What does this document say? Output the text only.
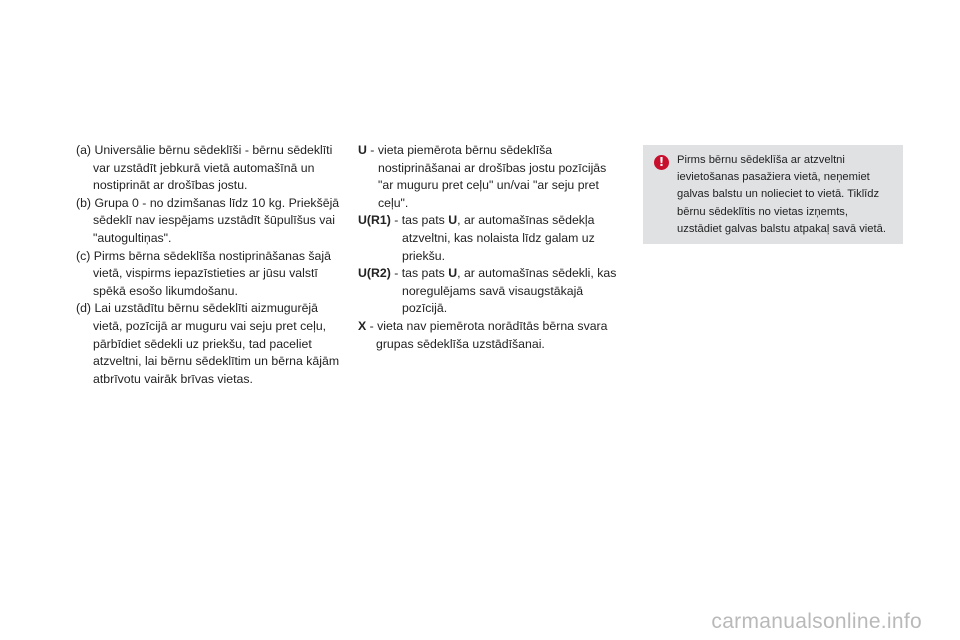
(a) Universālie bērnu sēdeklīši - bērnu sēdeklīti var uzstādīt jebkurā vietā automašīnā un nostiprināt ar drošības jostu.

(b) Grupa 0 - no dzimšanas līdz 10 kg. Priekšējā sēdeklī nav iespējams uzstādīt šūpulīšus vai "autogultiņas".

(c) Pirms bērna sēdeklīša nostiprināšanas šajā vietā, vispirms iepazīstieties ar jūsu valstī spēkā esošo likumdošanu.

(d) Lai uzstādītu bērnu sēdeklīti aizmugurējā vietā, pozīcijā ar muguru vai seju pret ceļu, pārbīdiet sēdekli uz priekšu, tad paceliet atzveltni, lai bērnu sēdeklītim un bērna kājām atbrīvotu vairāk brīvas vietas.

U - vieta piemērota bērnu sēdeklīša nostiprināšanai ar drošības jostu pozīcijās "ar muguru pret ceļu" un/vai "ar seju pret ceļu".

U(R1) - tas pats U, ar automašīnas sēdekļa atzveltni, kas nolaista līdz galam uz priekšu.

U(R2) - tas pats U, ar automašīnas sēdekli, kas noregulējams savā visaugstākajā pozīcijā.

X - vieta nav piemērota norādītās bērna svara grupas sēdeklīša uzstādīšanai.

!	Pirms bērnu sēdeklīša ar atzveltni ievietošanas pasažiera vietā, neņemiet galvas balstu un nolieciet to vietā. Tiklīdz bērnu sēdeklītis no vietas izņemts, uzstādiet galvas balstu atpakaļ savā vietā.
carmanualsonline.info
